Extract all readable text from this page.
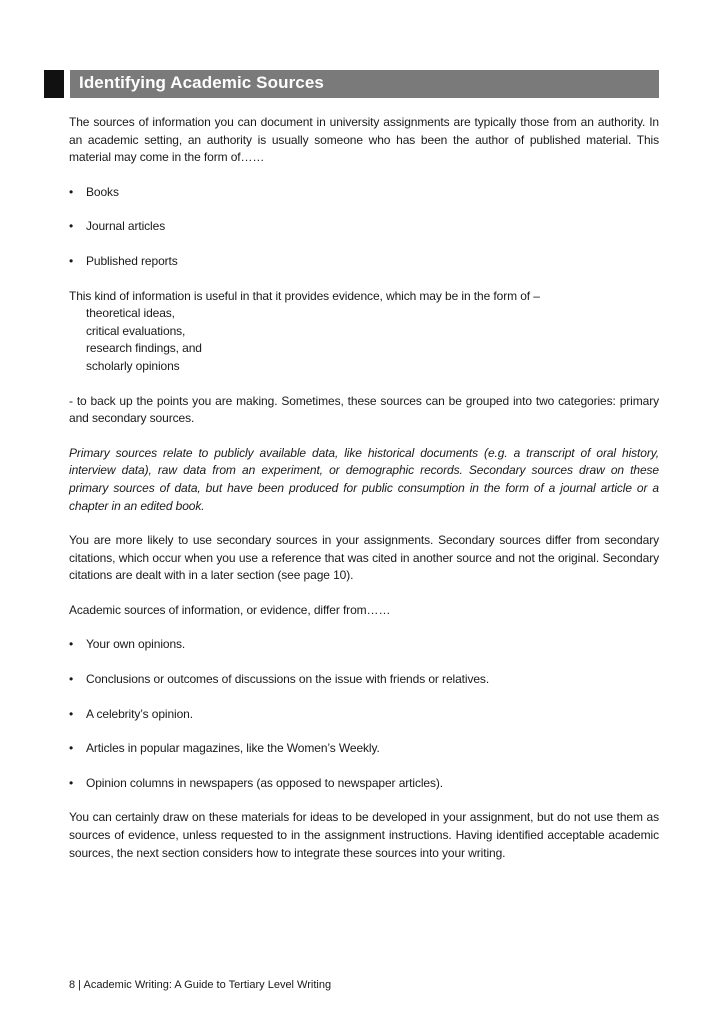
Identifying Academic Sources

The sources of information you can document in university assignments are typically those from an authority. In an academic setting, an authority is usually someone who has been the author of published material. This material may come in the form of……

•	Books
•	Journal articles
•	Published reports

This kind of information is useful in that it provides evidence, which may be in the form of –

theoretical ideas,
critical evaluations,
research findings, and
scholarly opinions

- to back up the points you are making. Sometimes, these sources can be grouped into two categories: primary and secondary sources.

Primary sources relate to publicly available data, like historical documents (e.g. a transcript of oral history, interview data), raw data from an experiment, or demographic records. Secondary sources draw on these primary sources of data, but have been produced for public consumption in the form of a journal article or a chapter in an edited book.

You are more likely to use secondary sources in your assignments. Secondary sources differ from secondary citations, which occur when you use a reference that was cited in another source and not the original. Secondary citations are dealt with in a later section (see page 10).

Academic sources of information, or evidence, differ from……

•	Your own opinions.
•	Conclusions or outcomes of discussions on the issue with friends or relatives.
•	A celebrity’s opinion.
•	Articles in popular magazines, like the Women’s Weekly.
•	Opinion columns in newspapers (as opposed to newspaper articles).

You can certainly draw on these materials for ideas to be developed in your assignment, but do not use them as sources of evidence, unless requested to in the assignment instructions. Having identified acceptable academic sources, the next section considers how to integrate these sources into your writing.

8 | Academic Writing: A Guide to Tertiary Level Writing
